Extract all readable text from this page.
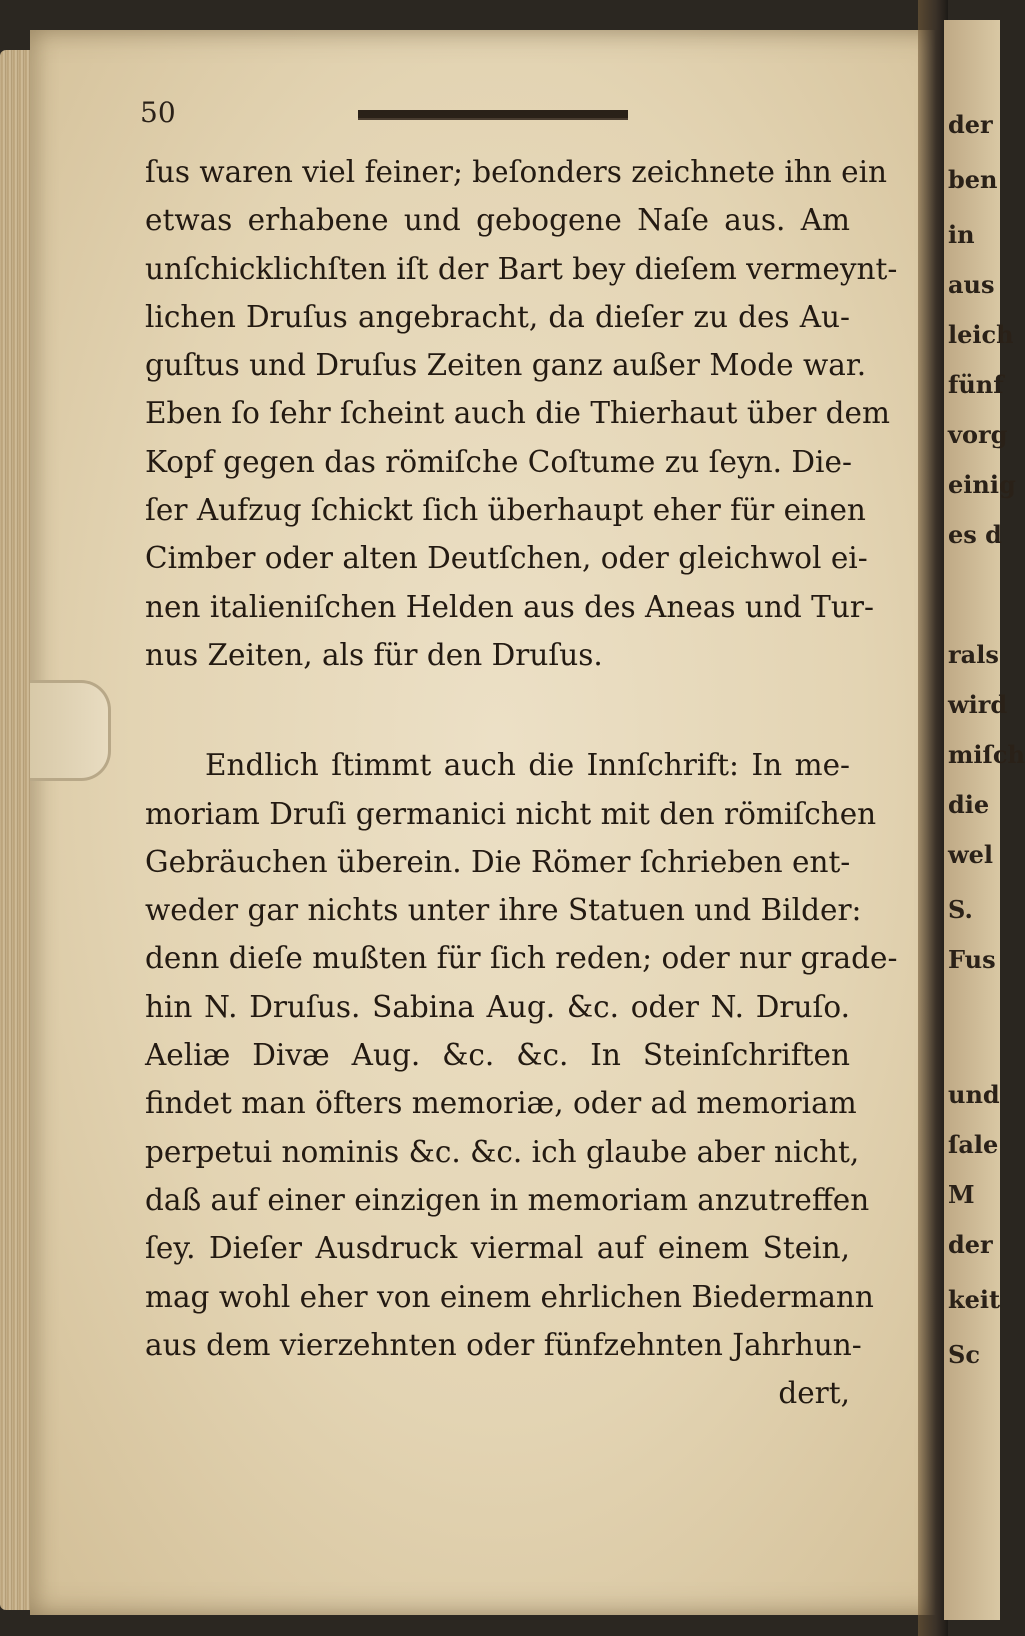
der
ben
in
aus
leich
fünf
vorg
einig
es d
rals
wird
miſch
die
wel
S.
Fus
und
ſale
M
der
keit
Sc
50
ſus waren viel feiner; beſonders zeichnete ihn ein
etwas erhabene und gebogene Naſe aus. Am
unſchicklichſten iſt der Bart bey dieſem vermeynt-
lichen Druſus angebracht, da dieſer zu des Au-
guſtus und Druſus Zeiten ganz außer Mode war.
Eben ſo ſehr ſcheint auch die Thierhaut über dem
Kopf gegen das römiſche Coſtume zu ſeyn. Die-
ſer Aufzug ſchickt ſich überhaupt eher für einen
Cimber oder alten Deutſchen, oder gleichwol ei-
nen italieniſchen Helden aus des Aneas und Tur-
nus Zeiten, als für den Druſus.
Endlich ſtimmt auch die Innſchrift: In me-
moriam Druſi germanici nicht mit den römiſchen
Gebräuchen überein. Die Römer ſchrieben ent-
weder gar nichts unter ihre Statuen und Bilder:
denn dieſe mußten für ſich reden; oder nur grade-
hin N. Druſus. Sabina Aug. &c. oder N. Druſo.
Aeliæ Divæ Aug. &c. &c. In Steinſchriften
findet man öfters memoriæ, oder ad memoriam
perpetui nominis &c. &c. ich glaube aber nicht,
daß auf einer einzigen in memoriam anzutreffen
ſey. Dieſer Ausdruck viermal auf einem Stein,
mag wohl eher von einem ehrlichen Biedermann
aus dem vierzehnten oder fünfzehnten Jahrhun-
dert,
